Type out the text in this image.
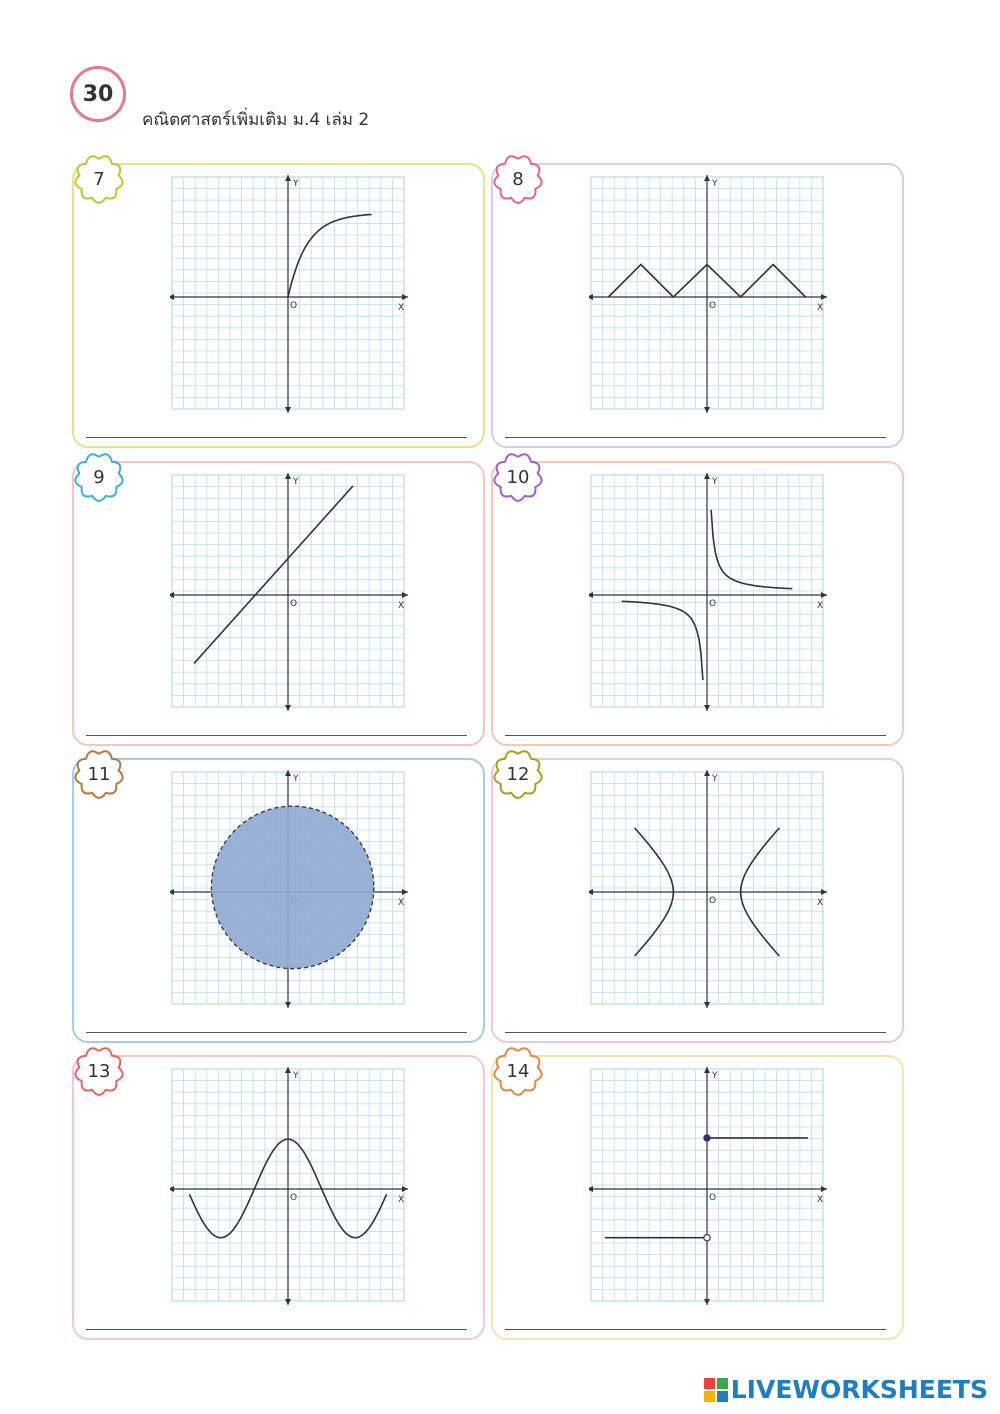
30
คณิตศาสตร์เพิ่มเติม ม.4 เล่ม 2
7
X
Y
O
8
X
Y
O
9
X
Y
O
10
X
Y
O
11
X
Y	12
X
Y
O
13
X
Y
O
14
X
Y
O
LIVEWORKSHEETS
